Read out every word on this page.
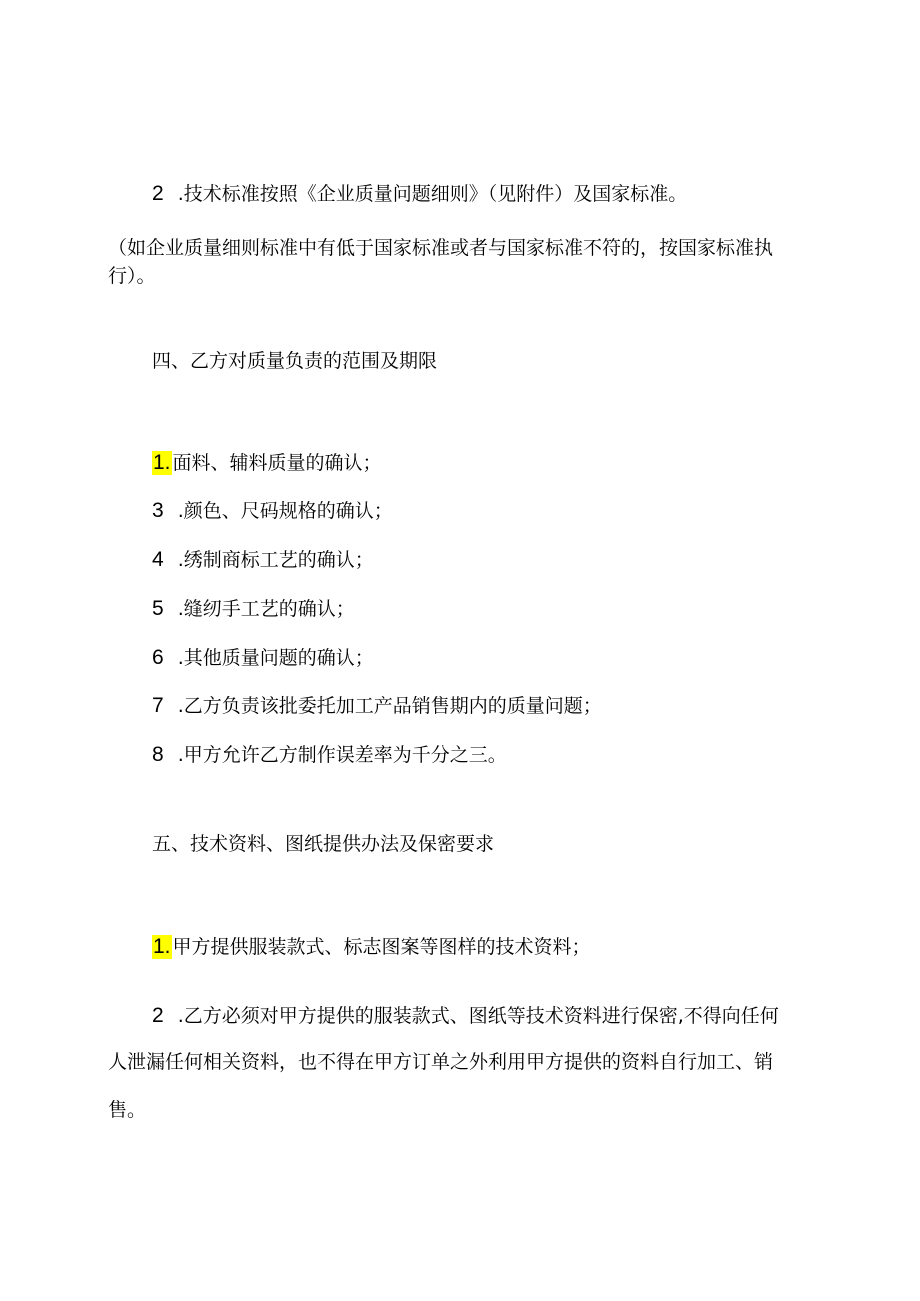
2 .技术标准按照《企业质量问题细则》（见附件）及国家标准。
（如企业质量细则标准中有低于国家标准或者与国家标准不符的，按国家标准执
行）。
四、乙方对质量负责的范围及期限
1. 面料、辅料质量的确认；
3 .颜色、尺码规格的确认；
4 .绣制商标工艺的确认；
5 .缝纫手工艺的确认；
6 .其他质量问题的确认；
7 .乙方负责该批委托加工产品销售期内的质量问题；
8 .甲方允许乙方制作误差率为千分之三。
五、技术资料、图纸提供办法及保密要求
1. 甲方提供服装款式、标志图案等图样的技术资料；
2 .乙方必须对甲方提供的服装款式、图纸等技术资料进行保密,不得向任何
人泄漏任何相关资料，也不得在甲方订单之外利用甲方提供的资料自行加工、销
售。
